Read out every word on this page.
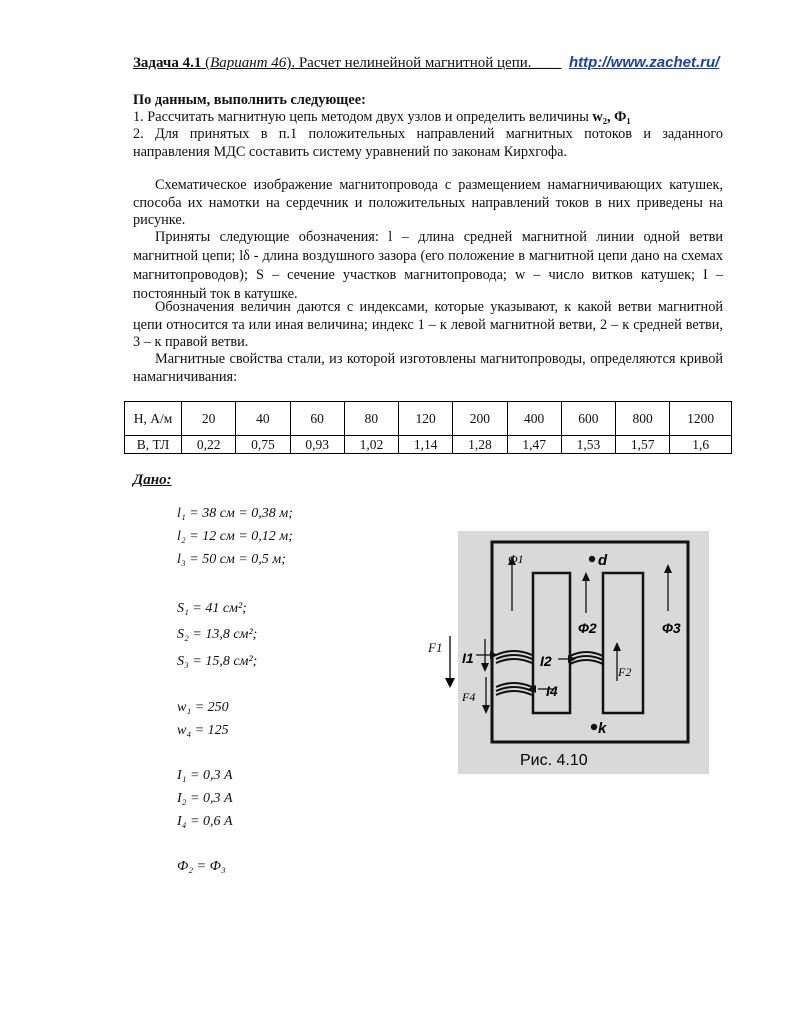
Задача 4.1 (Вариант 46). Расчет нелинейной магнитной цепи.____ http://www.zachet.ru/
По данным, выполнить следующее:
1. Рассчитать магнитную цепь методом двух узлов и определить величины w₂, Ф₁
2. Для принятых в п.1 положительных направлений магнитных потоков и заданного направления МДС составить систему уравнений по законам Кирхгофа.
Схематическое изображение магнитопровода с размещением намагничивающих катушек, способа их намотки на сердечник и положительных направлений токов в них приведены на рисунке.
Приняты следующие обозначения: l – длина средней магнитной линии одной ветви магнитной цепи; lδ - длина воздушного зазора (его положение в магнитной цепи дано на схемах магнитопроводов); S – сечение участков магнитопровода; w – число витков катушек; I – постоянный ток в катушке.
Обозначения величин даются с индексами, которые указывают, к какой ветви магнитной цепи относится та или иная величина; индекс 1 – к левой магнитной ветви, 2 – к средней ветви, 3 – к правой ветви.
Магнитные свойства стали, из которой изготовлены магнитопроводы, определяются кривой намагничивания:
H, А/м	20	40	60	80	120	200	400	600	800	1200
B, ТЛ	0,22	0,75	0,93	1,02	1,14	1,28	1,47	1,53	1,57	1,6
Дано:
l₁ = 38 см = 0,38 м;
l₂ = 12 см = 0,12 м;
l₃ = 50 см = 0,5 м;
S₁ = 41 см²;
S₂ = 13,8 см²;
S₃ = 15,8 см²;
w₁ = 250
w₄ = 125
I₁ = 0,3 А
I₂ = 0,3 А
I₄ = 0,6 А
Ф₂ = Ф₃
F1
Ф1	d
Ф2	Ф3
I1	I2
I4
F2
F4
k
Рис. 4.10
